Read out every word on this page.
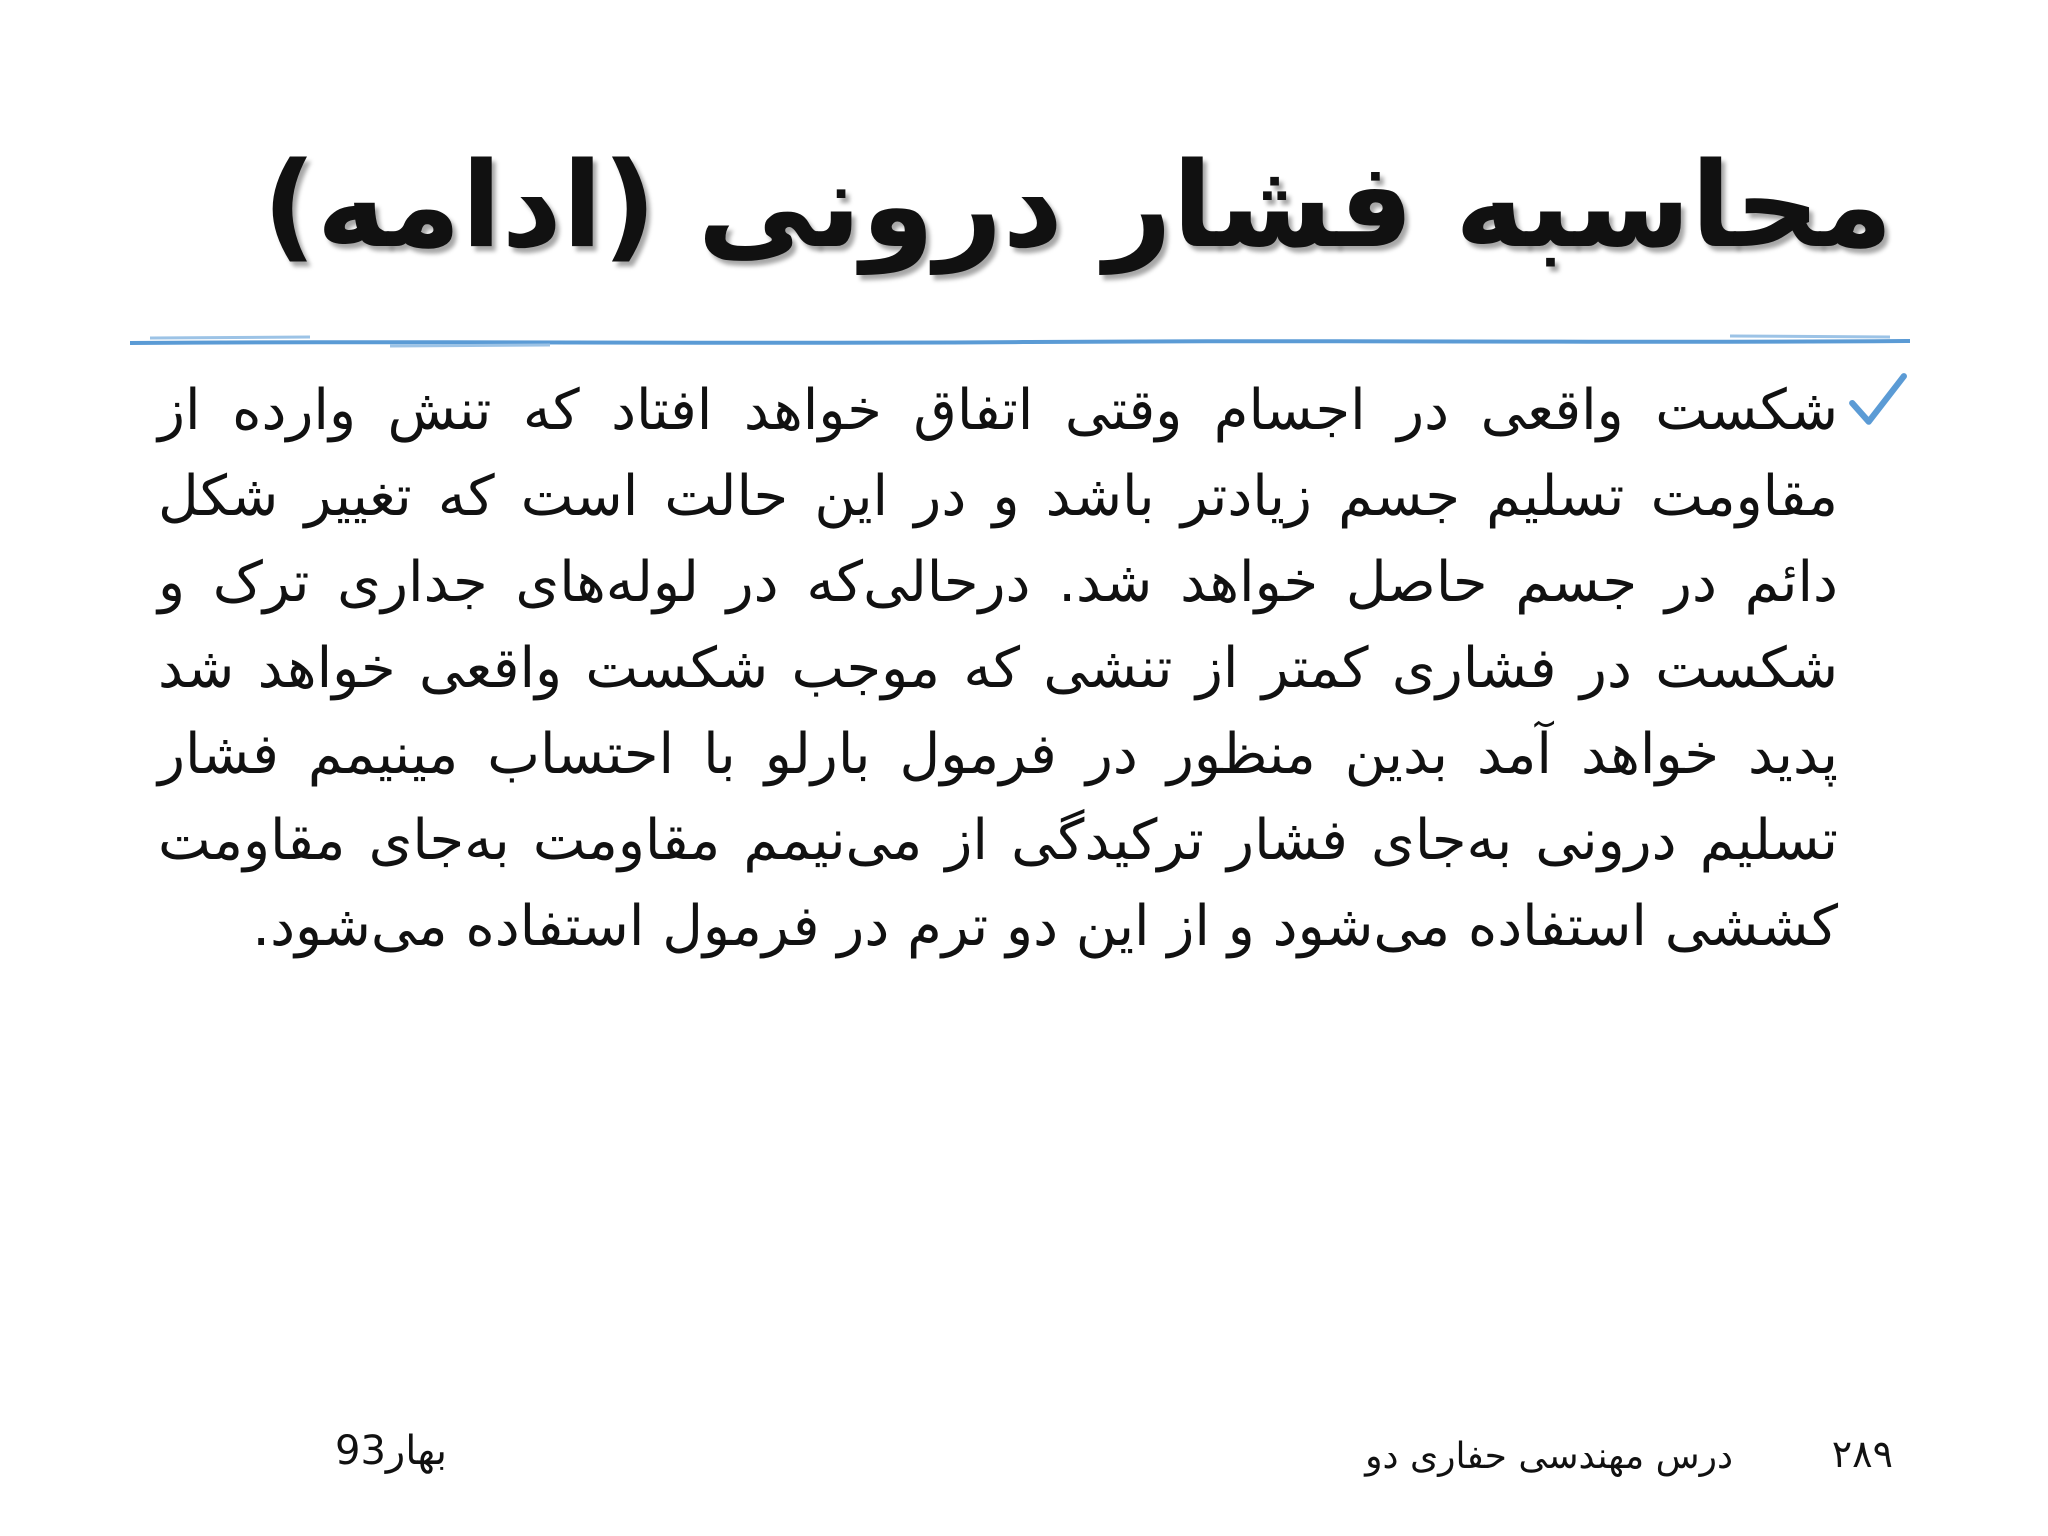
محاسبه فشار درونی (ادامه)
شکست واقعی در اجسام وقتی اتفاق خواهد افتاد که تنش وارده از مقاومت تسلیم جسم زیادتر باشد و در این حالت است که تغییر شکل دائم در جسم حاصل خواهد شد. درحالی‌که در لوله‌های جداری ترک و شکست در فشاری کمتر از تنشی که موجب شکست واقعی خواهد شد پدید خواهد آمد بدین منظور در فرمول بارلو با احتساب مینیمم فشار تسلیم درونی به‌جای فشار ترکیدگی از می‌نیمم مقاومت به‌جای مقاومت کششی استفاده می‌شود و از این دو ترم در فرمول استفاده می‌شود.
۲۸۹
درس مهندسی حفاری دو
بهار93
